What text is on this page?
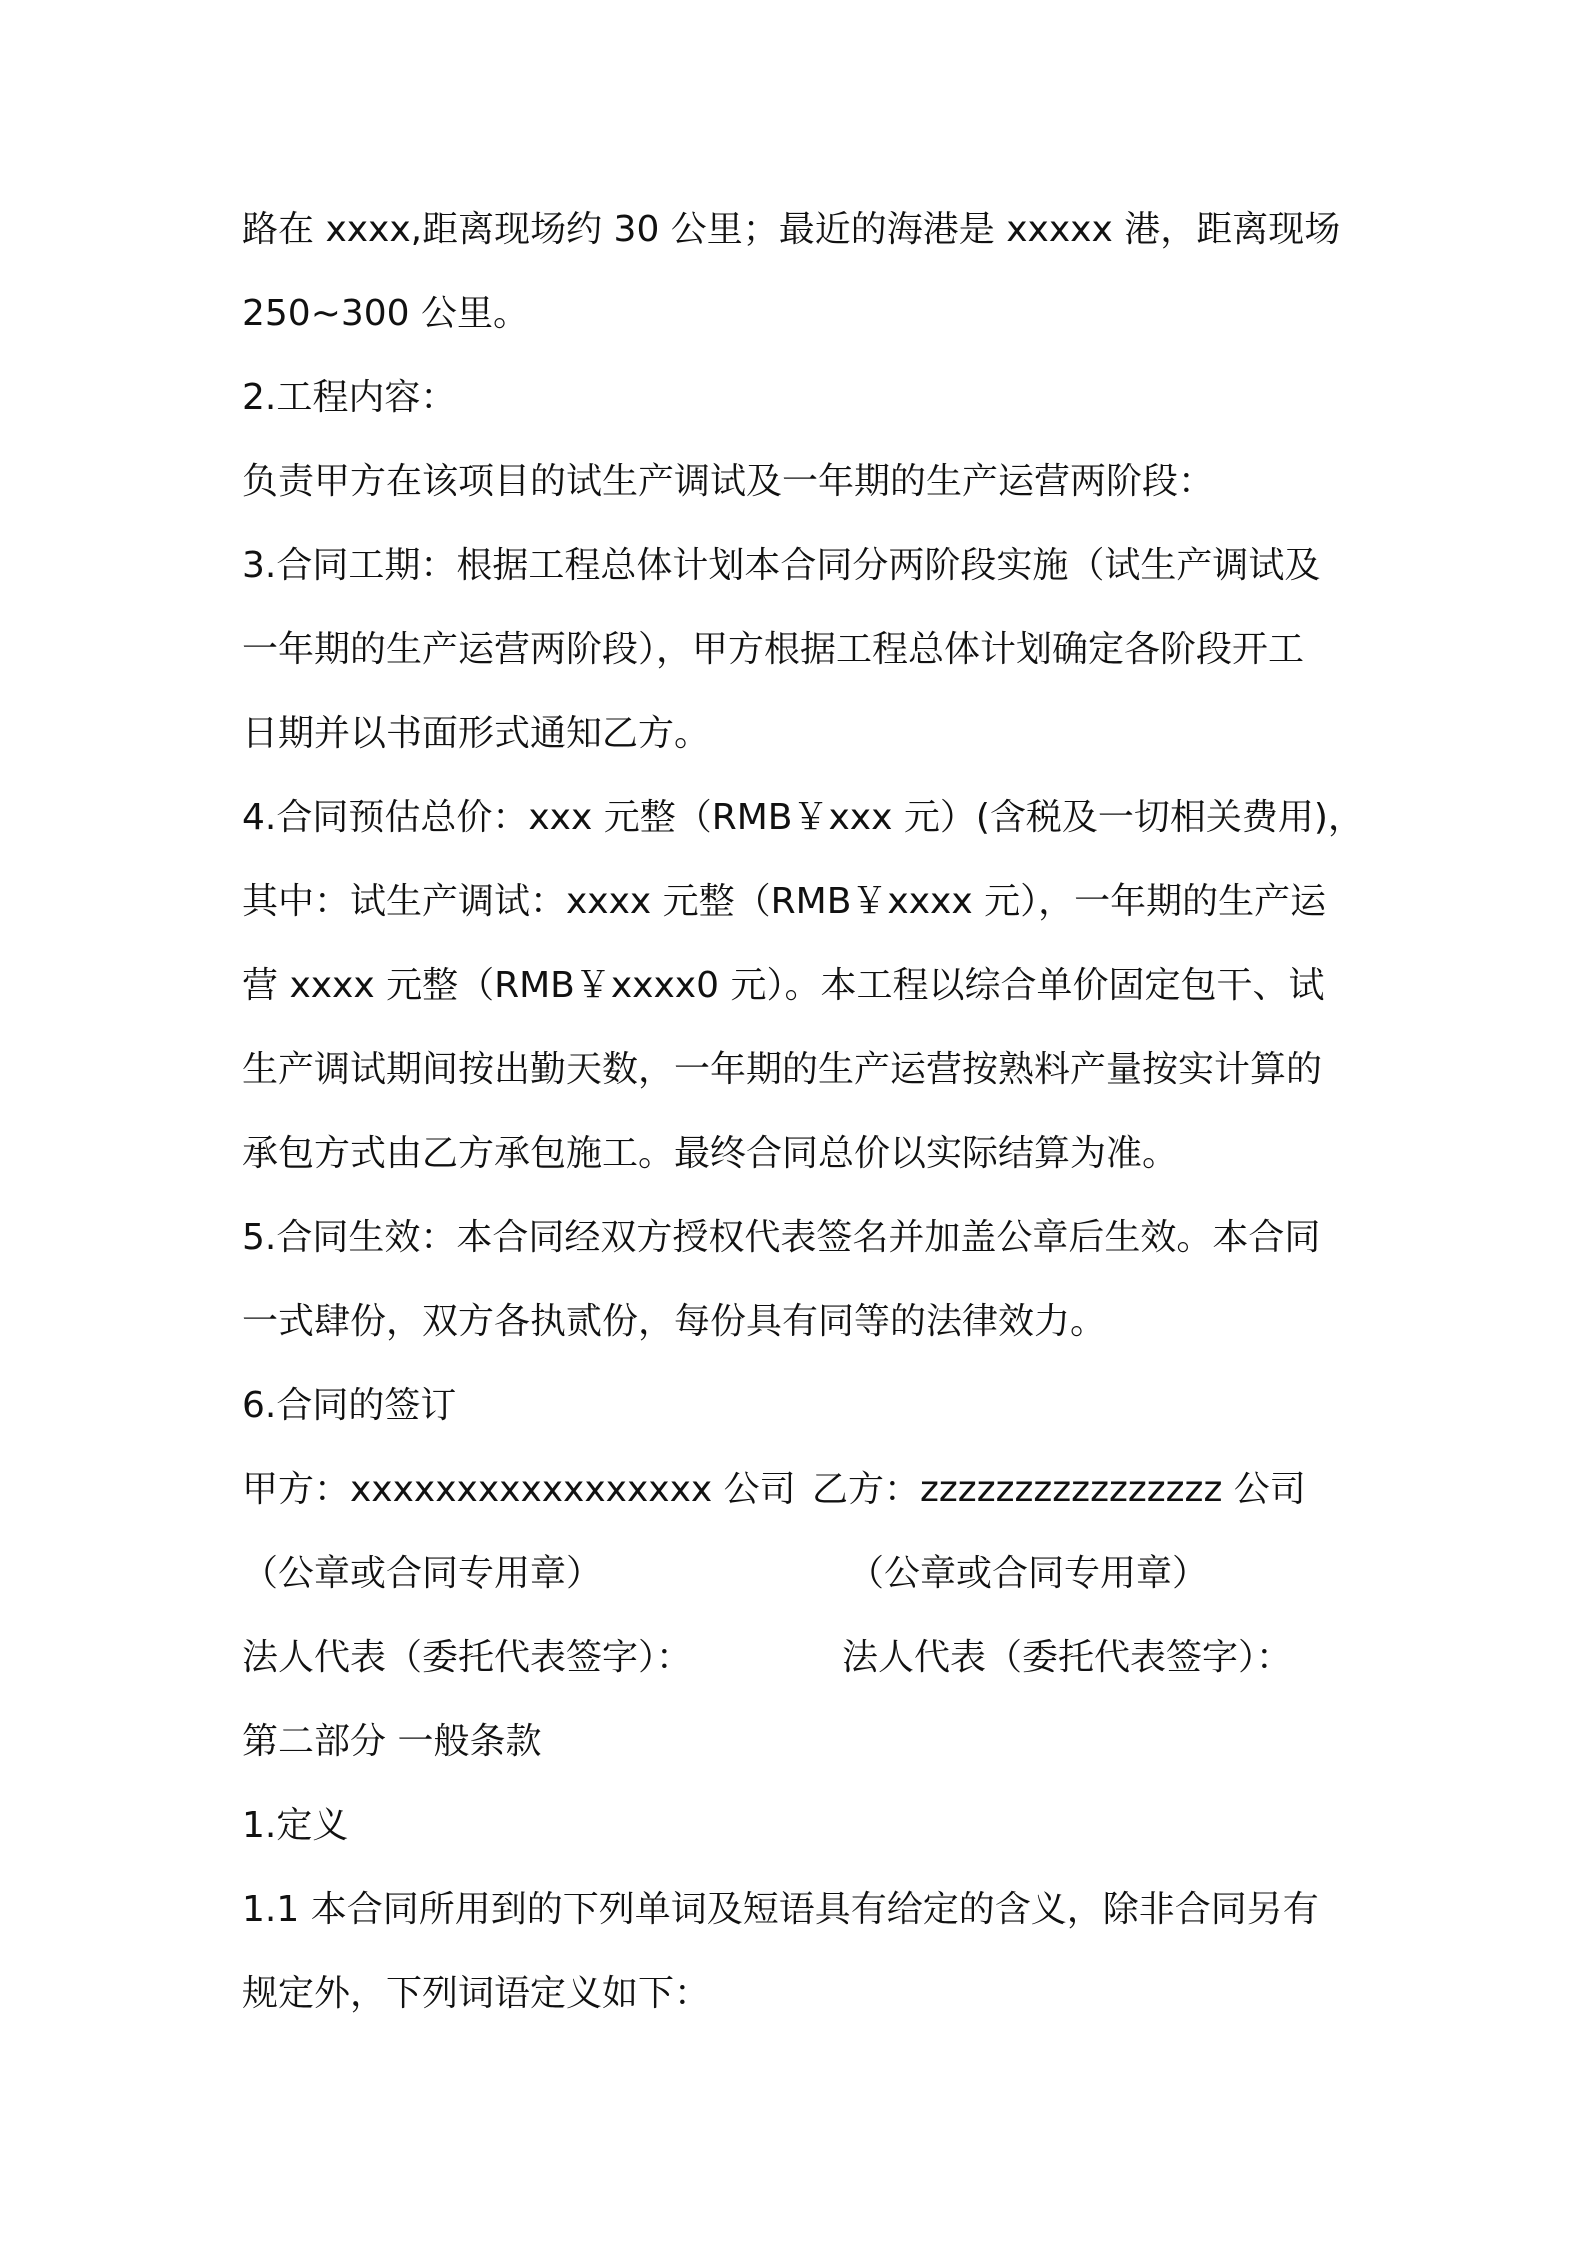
路在 xxxx,距离现场约 30 公里；最近的海港是 xxxxx 港，距离现场
250~300 公里。
2.工程内容：
负责甲方在该项目的试生产调试及一年期的生产运营两阶段：
3.合同工期：根据工程总体计划本合同分两阶段实施（试生产调试及
一年期的生产运营两阶段），甲方根据工程总体计划确定各阶段开工
日期并以书面形式通知乙方。
4.合同预估总价：xxx 元整（RMB￥xxx 元）(含税及一切相关费用)，
其中：试生产调试：xxxx 元整（RMB￥xxxx 元），一年期的生产运
营 xxxx 元整（RMB￥xxxx0 元）。本工程以综合单价固定包干、试
生产调试期间按出勤天数，一年期的生产运营按熟料产量按实计算的
承包方式由乙方承包施工。最终合同总价以实际结算为准。
5.合同生效：本合同经双方授权代表签名并加盖公章后生效。本合同
一式肆份，双方各执贰份，每份具有同等的法律效力。
6.合同的签订
甲方：xxxxxxxxxxxxxxxxx 公司 乙方：zzzzzzzzzzzzzzzz 公司
（公章或合同专用章）	（公章或合同专用章）
法人代表（委托代表签字）：	法人代表（委托代表签字）：
第二部分 一般条款
1.定义
1.1 本合同所用到的下列单词及短语具有给定的含义，除非合同另有
规定外，下列词语定义如下：
